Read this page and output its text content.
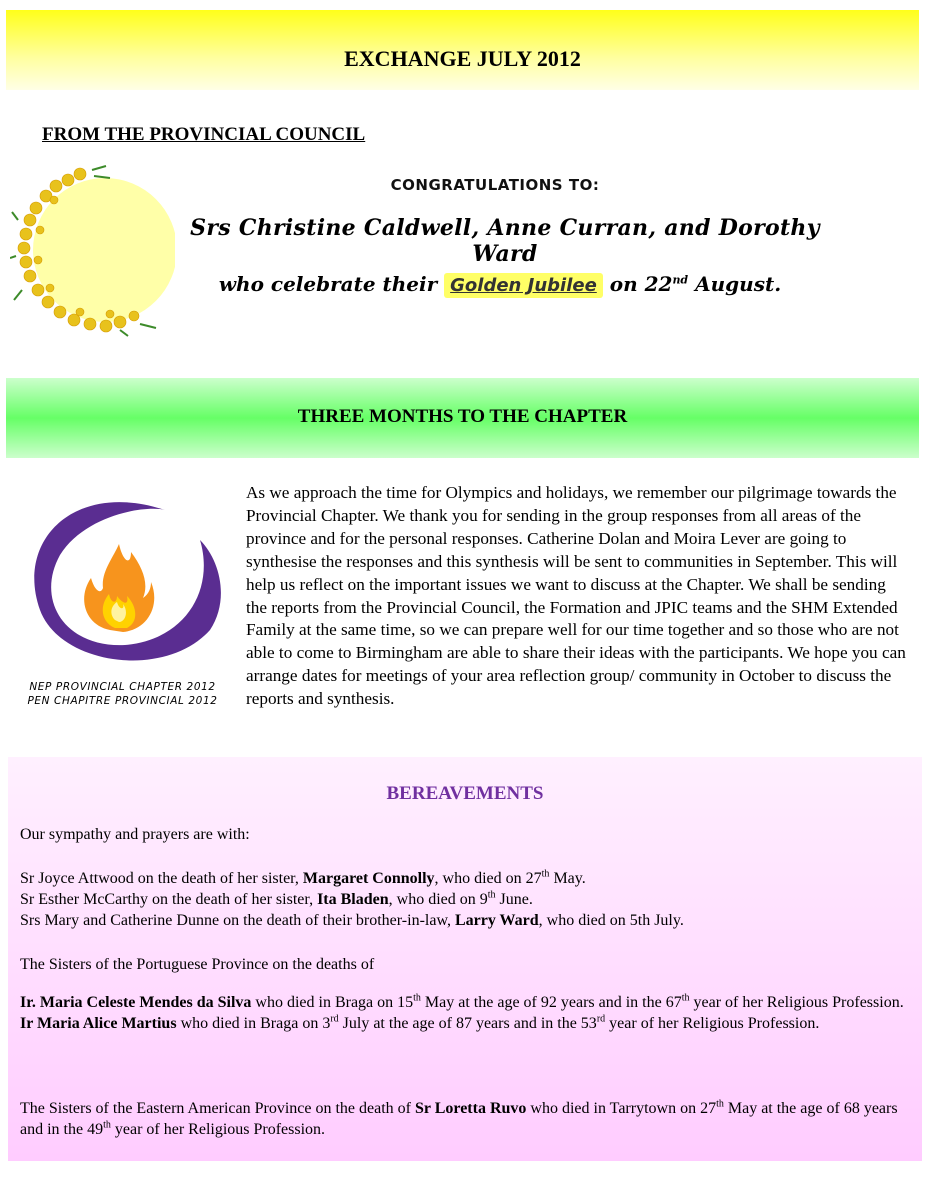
EXCHANGE JULY 2012
FROM THE PROVINCIAL COUNCIL
CONGRATULATIONS TO:
Srs Christine Caldwell, Anne Curran, and Dorothy Ward
who celebrate their Golden Jubilee on 22nd August.
THREE MONTHS TO THE CHAPTER
NEP PROVINCIAL CHAPTER 2012
PEN CHAPITRE PROVINCIAL 2012

As we approach the time for Olympics and holidays, we remember our pilgrimage towards the Provincial Chapter. We thank you for sending in the group responses from all areas of the province and for the personal responses. Catherine Dolan and Moira Lever are going to synthesise the responses and this synthesis will be sent to communities in September. This will help us reflect on the important issues we want to discuss at the Chapter. We shall be sending the reports from the Provincial Council, the Formation and JPIC teams and the SHM Extended Family at the same time, so we can prepare well for our time together and so those who are not able to come to Birmingham are able to share their ideas with the participants. We hope you can arrange dates for meetings of your area reflection group/ community in October to discuss the reports and synthesis.

BEREAVEMENTS

Our sympathy and prayers are with:

Sr Joyce Attwood on the death of her sister, Margaret Connolly, who died on 27th May.
Sr Esther McCarthy on the death of her sister, Ita Bladen, who died on 9th June.
Srs Mary and Catherine Dunne on the death of their brother-in-law, Larry Ward, who died on 5th July.

The Sisters of the Portuguese Province on the deaths of

Ir. Maria Celeste Mendes da Silva who died in Braga on 15th May at the age of 92 years and in the 67th year of her Religious Profession.
Ir Maria Alice Martius who died in Braga on 3rd July at the age of 87 years and in the 53rd year of her Religious Profession.

The Sisters of the Eastern American Province on the death of Sr Loretta Ruvo who died in Tarrytown on 27th May at the age of 68 years and in the 49th year of her Religious Profession.
